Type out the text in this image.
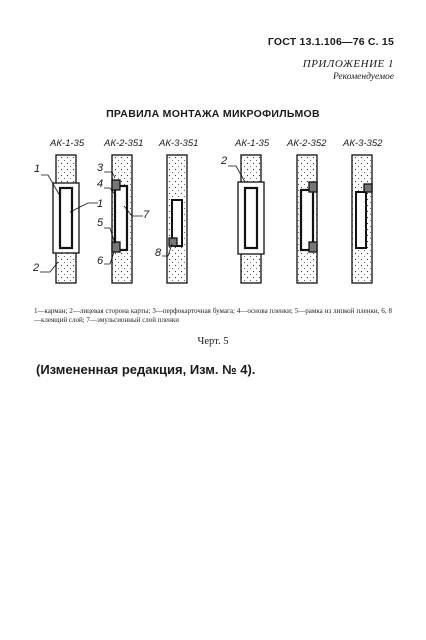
ГОСТ 13.1.106—76 С. 15
ПРИЛОЖЕНИЕ 1
Рекомендуемое
ПРАВИЛА МОНТАЖА МИКРОФИЛЬМОВ
АК-1-35 АК-2-351 АК-3-351	АК-1-35 АК-2-352 АК-3-352
1
1
2
3
4
7
5
6
8
2
1—карман; 2—лицевая сторона карты; 3—перфокарточная бумага; 4—основа пленки; 5—рамка из липкой пленки, 6, 8—клеящий слой; 7—эмульсионный слой пленки
Черт. 5
(Измененная редакция, Изм. № 4).
